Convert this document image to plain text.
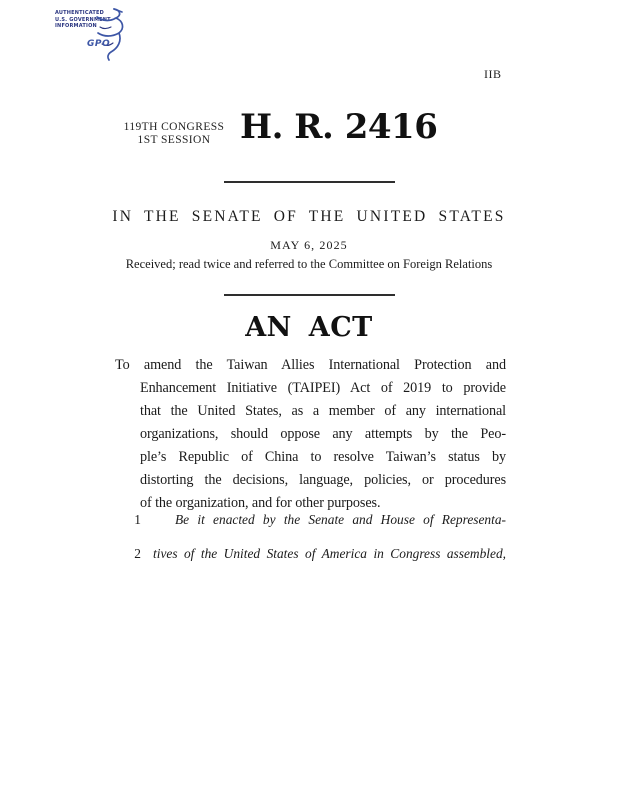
AUTHENTICATED
U.S. GOVERNMENT
INFORMATION
GPO
IIB
119TH CONGRESS
1ST SESSION H. R. 2416
IN THE SENATE OF THE UNITED STATES
MAY 6, 2025
Received; read twice and referred to the Committee on Foreign Relations
AN ACT
To amend the Taiwan Allies International Protection and
Enhancement Initiative (TAIPEI) Act of 2019 to provide
that the United States, as a member of any international
organizations, should oppose any attempts by the Peo-
ple’s Republic of China to resolve Taiwan’s status by
distorting the decisions, language, policies, or procedures
of the organization, and for other purposes.
1	Be it enacted by the Senate and House of Representa-
2 tives of the United States of America in Congress assembled,
